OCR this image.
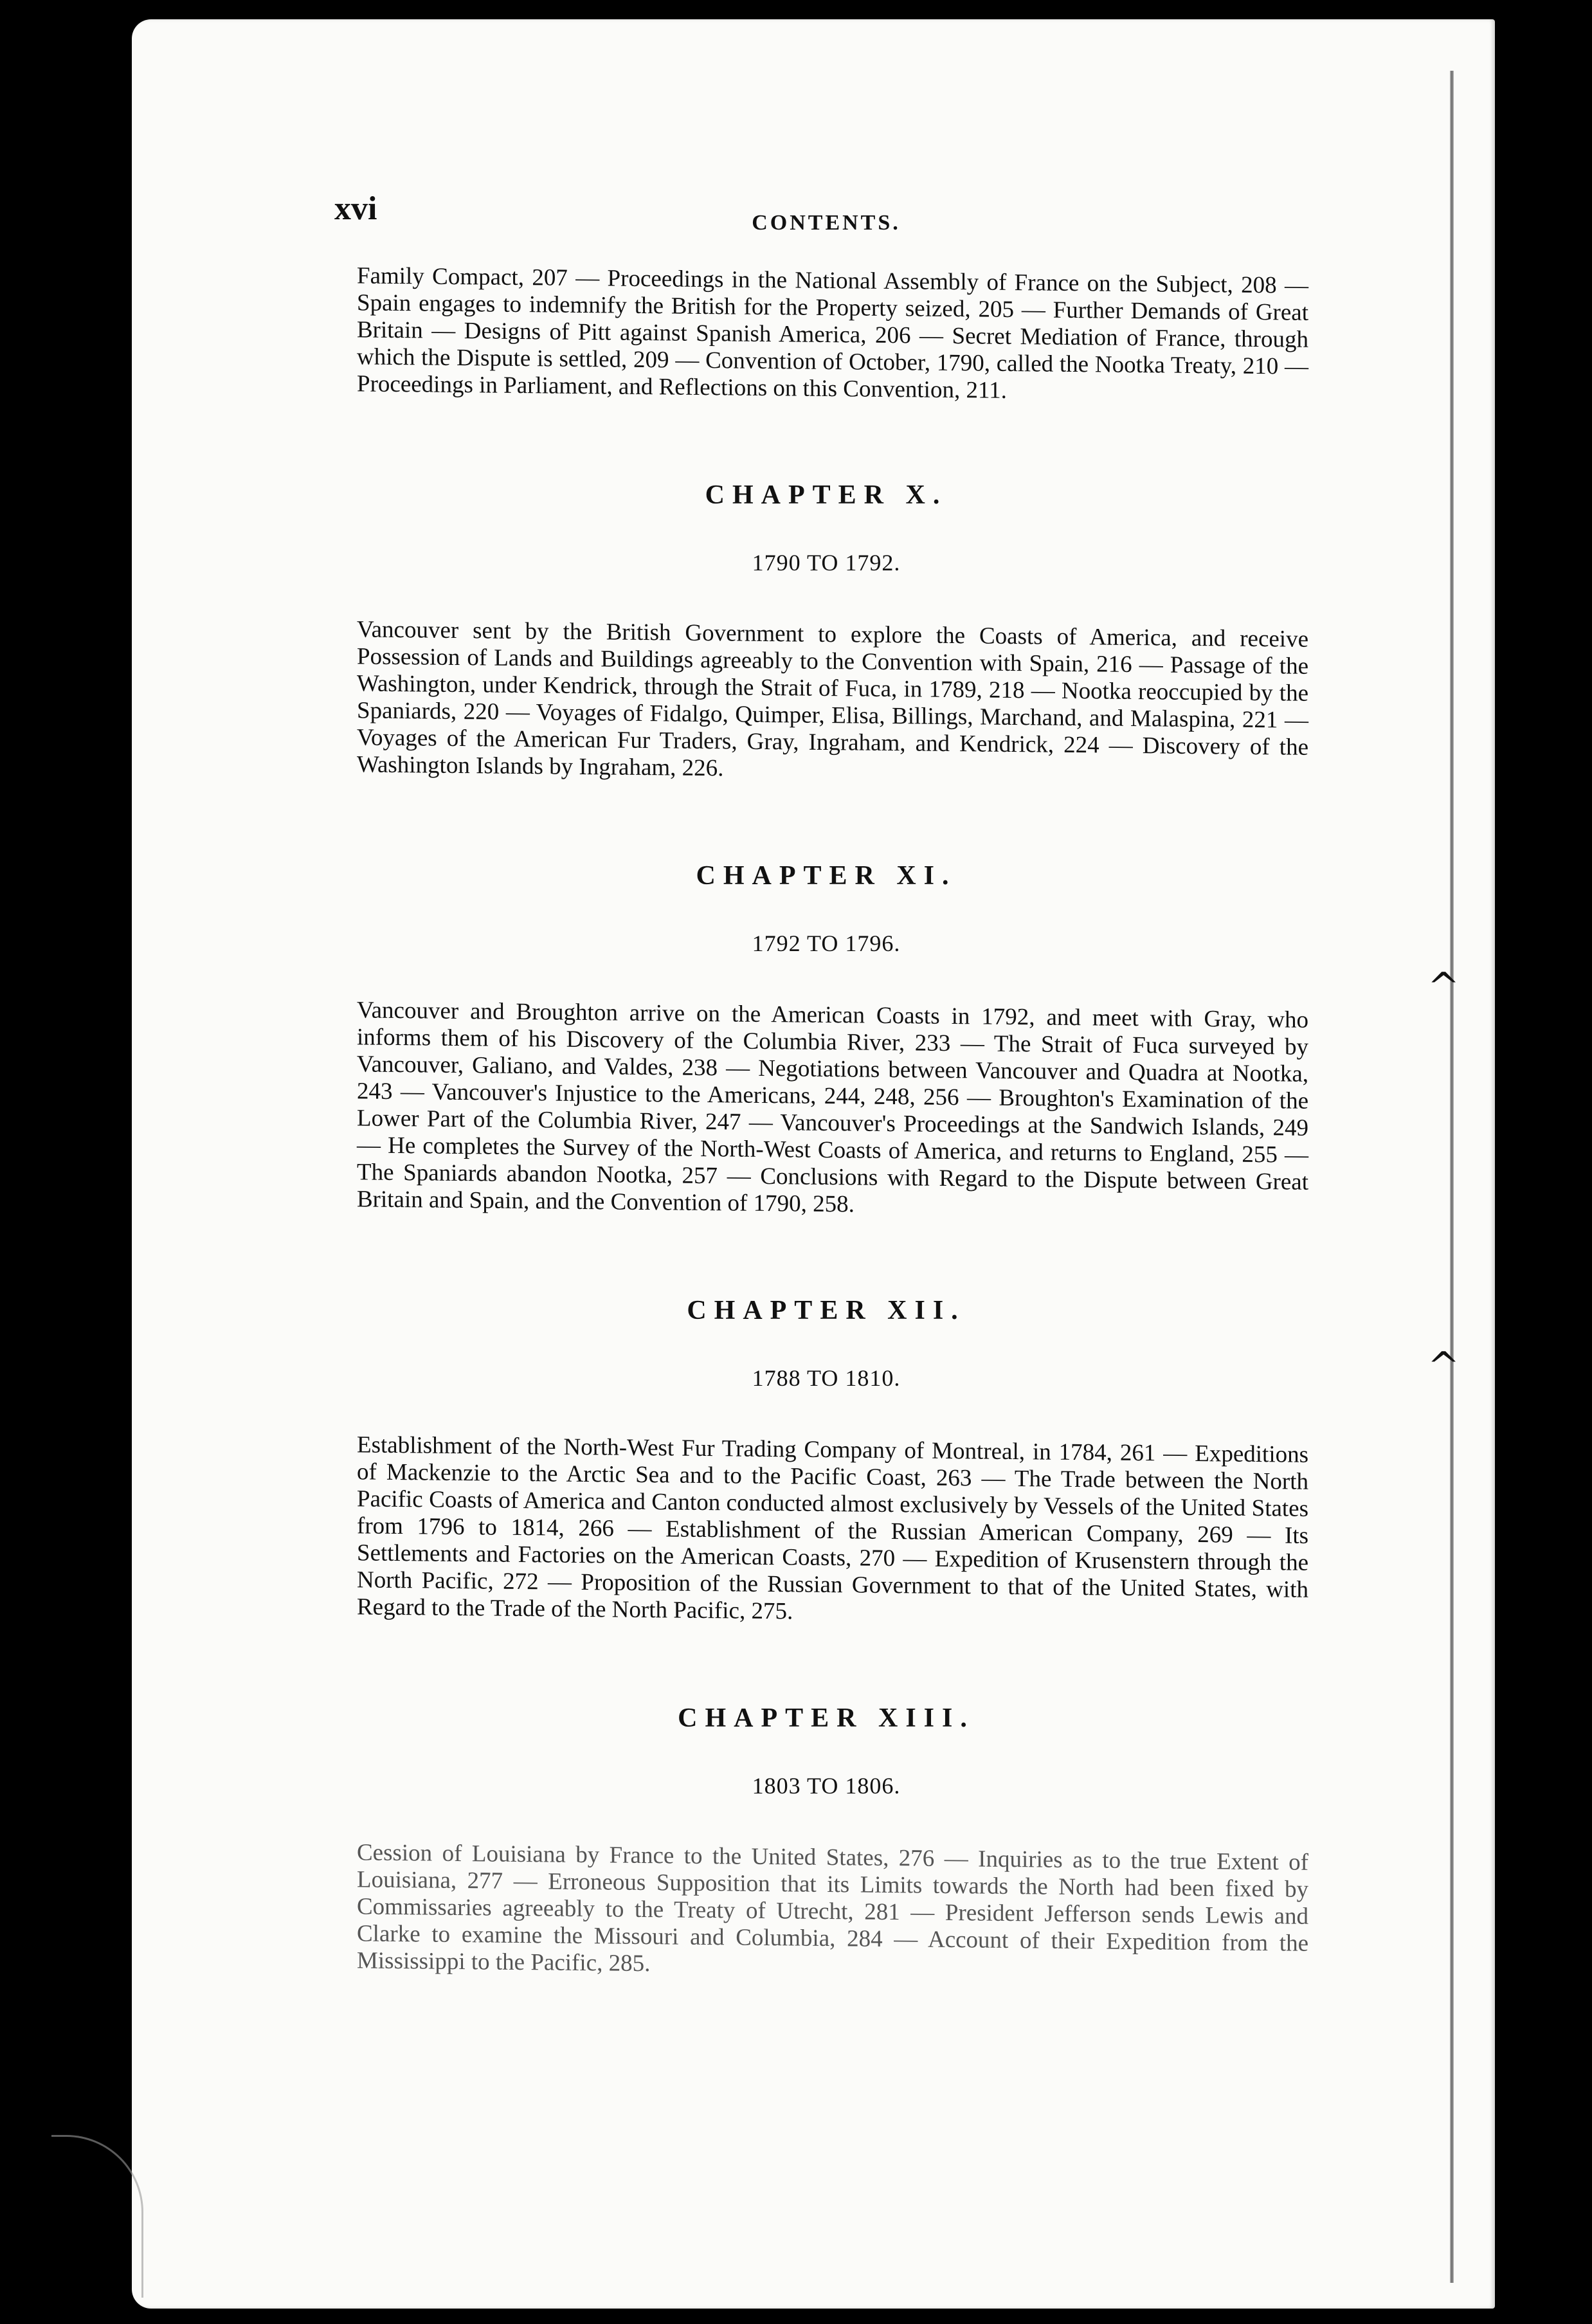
^
^
xvi	CONTENTS.

Family Compact, 207 — Proceedings in the National Assembly of France on the Subject, 208 — Spain engages to indemnify the British for the Property seized, 205 — Further Demands of Great Britain — Designs of Pitt against Spanish America, 206 — Secret Mediation of France, through which the Dispute is settled, 209 — Convention of October, 1790, called the Nootka Treaty, 210 — Proceedings in Parliament, and Reflections on this Convention, 211.

CHAPTER X.
1790 TO 1792.

Vancouver sent by the British Government to explore the Coasts of America, and receive Possession of Lands and Buildings agreeably to the Convention with Spain, 216 — Passage of the Washington, under Kendrick, through the Strait of Fuca, in 1789, 218 — Nootka reoccupied by the Spaniards, 220 — Voyages of Fidalgo, Quimper, Elisa, Billings, Marchand, and Malaspina, 221 — Voyages of the American Fur Traders, Gray, Ingraham, and Kendrick, 224 — Discovery of the Washington Islands by Ingraham, 226.

CHAPTER XI.
1792 TO 1796.

Vancouver and Broughton arrive on the American Coasts in 1792, and meet with Gray, who informs them of his Discovery of the Columbia River, 233 — The Strait of Fuca surveyed by Vancouver, Galiano, and Valdes, 238 — Negotiations between Vancouver and Quadra at Nootka, 243 — Vancouver's Injustice to the Americans, 244, 248, 256 — Broughton's Examination of the Lower Part of the Columbia River, 247 — Vancouver's Proceedings at the Sandwich Islands, 249 — He completes the Survey of the North-West Coasts of America, and returns to England, 255 — The Spaniards abandon Nootka, 257 — Conclusions with Regard to the Dispute between Great Britain and Spain, and the Convention of 1790, 258.

CHAPTER XII.
1788 TO 1810.

Establishment of the North-West Fur Trading Company of Montreal, in 1784, 261 — Expeditions of Mackenzie to the Arctic Sea and to the Pacific Coast, 263 — The Trade between the North Pacific Coasts of America and Canton conducted almost exclusively by Vessels of the United States from 1796 to 1814, 266 — Establishment of the Russian American Company, 269 — Its Settlements and Factories on the American Coasts, 270 — Expedition of Krusenstern through the North Pacific, 272 — Proposition of the Russian Government to that of the United States, with Regard to the Trade of the North Pacific, 275.

CHAPTER XIII.
1803 TO 1806.

Cession of Louisiana by France to the United States, 276 — Inquiries as to the true Extent of Louisiana, 277 — Erroneous Supposition that its Limits towards the North had been fixed by Commissaries agreeably to the Treaty of Utrecht, 281 — President Jefferson sends Lewis and Clarke to examine the Missouri and Columbia, 284 — Account of their Expedition from the Mississippi to the Pacific, 285.
